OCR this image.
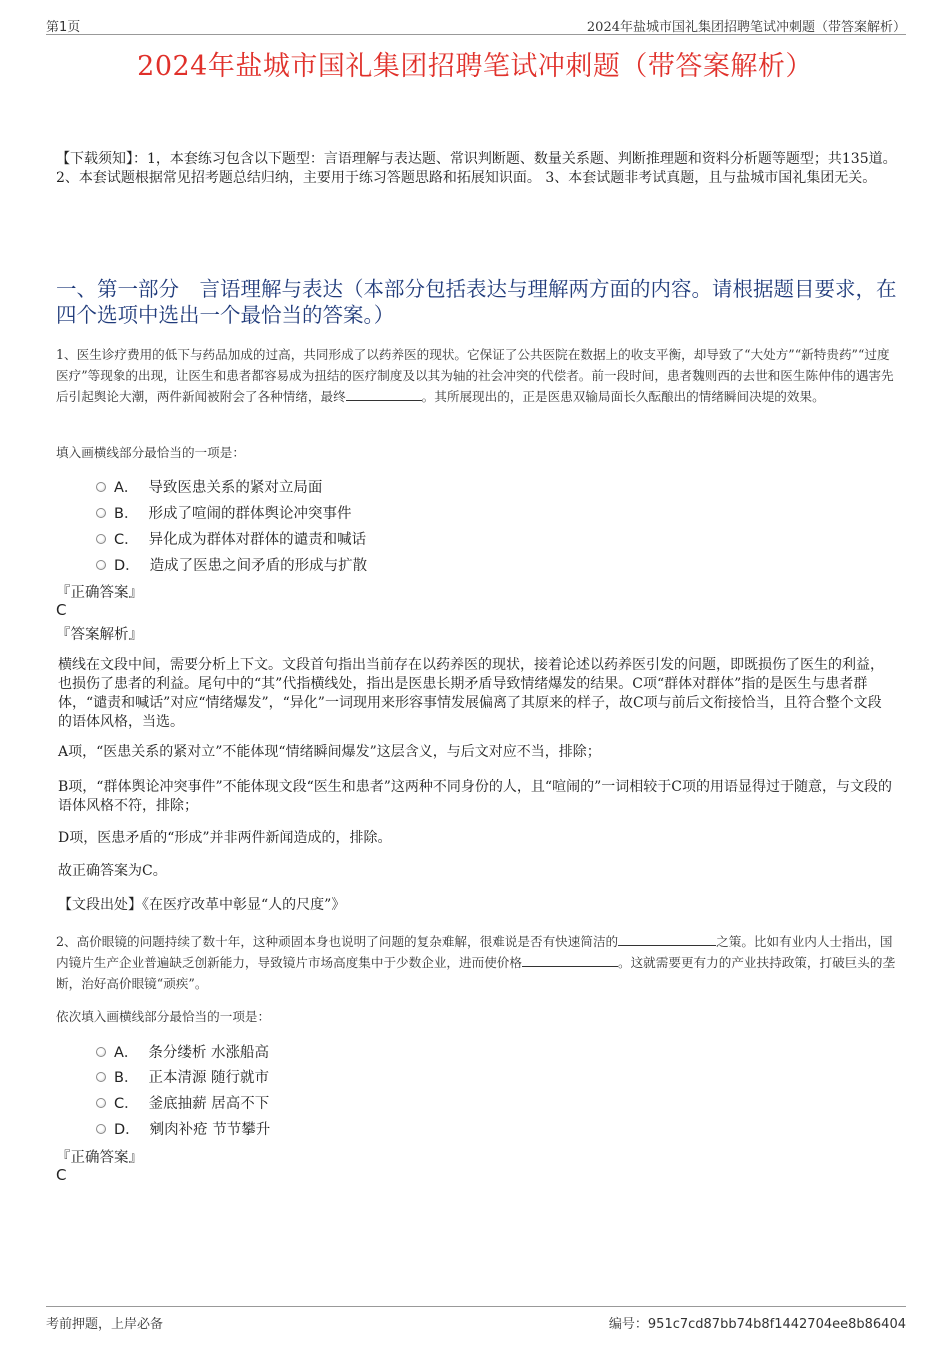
第1页	2024年盐城市国礼集团招聘笔试冲刺题（带答案解析）
2024年盐城市国礼集团招聘笔试冲刺题（带答案解析）
【下载须知】：1，本套练习包含以下题型：言语理解与表达题、常识判断题、数量关系题、判断推理题和资料分析题等题型；共135道。 2、本套试题根据常见招考题总结归纳，主要用于练习答题思路和拓展知识面。 3、本套试题非考试真题，且与盐城市国礼集团无关。
一、第一部分　言语理解与表达（本部分包括表达与理解两方面的内容。请根据题目要求，在四个选项中选出一个最恰当的答案。）
1、医生诊疗费用的低下与药品加成的过高，共同形成了以药养医的现状。它保证了公共医院在数据上的收支平衡，却导致了“大处方”“新特贵药”“过度医疗”等现象的出现，让医生和患者都容易成为扭结的医疗制度及以其为轴的社会冲突的代偿者。前一段时间，患者魏则西的去世和医生陈仲伟的遇害先后引起舆论大潮，两件新闻被附会了各种情绪，最终	。其所展现出的，正是医患双输局面长久酝酿出的情绪瞬间决堤的效果。
填入画横线部分最恰当的一项是：
A． 导致医患关系的紧对立局面
B． 形成了喧闹的群体舆论冲突事件
C． 异化成为群体对群体的谴责和喊话
D． 造成了医患之间矛盾的形成与扩散
『正确答案』
C
『答案解析』
横线在文段中间，需要分析上下文。文段首句指出当前存在以药养医的现状，接着论述以药养医引发的问题，即既损伤了医生的利益，也损伤了患者的利益。尾句中的“其”代指横线处，指出是医患长期矛盾导致情绪爆发的结果。C项“群体对群体”指的是医生与患者群体，“谴责和喊话”对应“情绪爆发”，“异化”一词现用来形容事情发展偏离了其原来的样子，故C项与前后文衔接恰当，且符合整个文段的语体风格，当选。
A项，“医患关系的紧对立”不能体现“情绪瞬间爆发”这层含义，与后文对应不当，排除；
B项，“群体舆论冲突事件”不能体现文段“医生和患者”这两种不同身份的人，且“喧闹的”一词相较于C项的用语显得过于随意，与文段的语体风格不符，排除；
D项，医患矛盾的“形成”并非两件新闻造成的，排除。
故正确答案为C。
【文段出处】《在医疗改革中彰显“人的尺度”》
2、高价眼镜的问题持续了数十年，这种顽固本身也说明了问题的复杂难解，很难说是否有快速简洁的	之策。比如有业内人士指出，国内镜片生产企业普遍缺乏创新能力，导致镜片市场高度集中于少数企业，进而使价格	。这就需要更有力的产业扶持政策，打破巨头的垄断，治好高价眼镜“顽疾”。
依次填入画横线部分最恰当的一项是：
A． 条分缕析 水涨船高
B． 正本清源 随行就市
C． 釜底抽薪 居高不下
D． 剜肉补疮 节节攀升
『正确答案』
C
考前押题，上岸必备	编号：951c7cd87bb74b8f1442704ee8b86404
